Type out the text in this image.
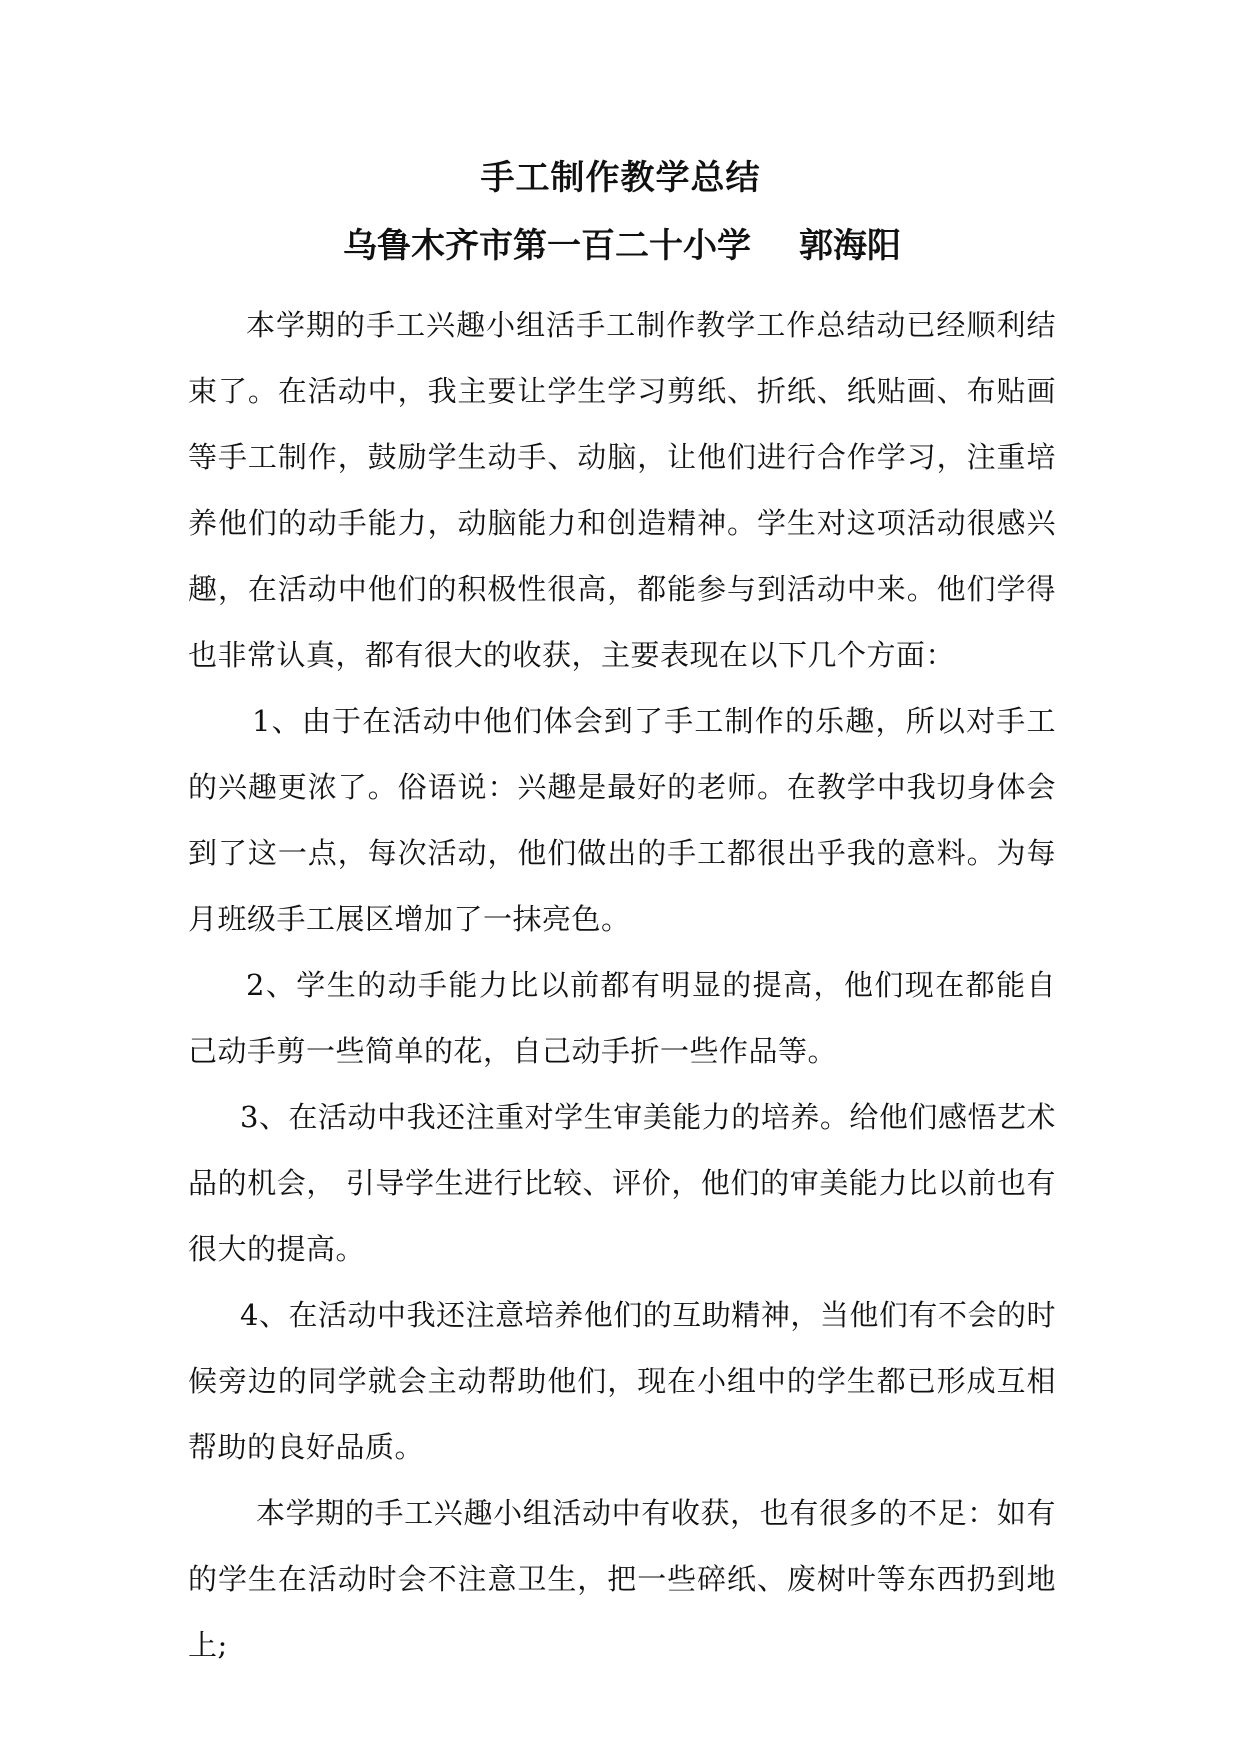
手工制作教学总结
乌鲁木齐市第一百二十小学 郭海阳

本学期的手工兴趣小组活手工制作教学工作总结动已经顺利结束了。在活动中，我主要让学生学习剪纸、折纸、纸贴画、布贴画等手工制作，鼓励学生动手、动脑，让他们进行合作学习，注重培养他们的动手能力，动脑能力和创造精神。学生对这项活动很感兴趣，在活动中他们的积极性很高，都能参与到活动中来。他们学得也非常认真，都有很大的收获，主要表现在以下几个方面：

1、由于在活动中他们体会到了手工制作的乐趣，所以对手工的兴趣更浓了。俗语说：兴趣是最好的老师。在教学中我切身体会到了这一点，每次活动，他们做出的手工都很出乎我的意料。为每月班级手工展区增加了一抹亮色。

2、学生的动手能力比以前都有明显的提高，他们现在都能自己动手剪一些简单的花，自己动手折一些作品等。

3、在活动中我还注重对学生审美能力的培养。给他们感悟艺术品的机会， 引导学生进行比较、评价，他们的审美能力比以前也有很大的提高。

4、在活动中我还注意培养他们的互助精神，当他们有不会的时候旁边的同学就会主动帮助他们，现在小组中的学生都已形成互相帮助的良好品质。

本学期的手工兴趣小组活动中有收获，也有很多的不足：如有的学生在活动时会不注意卫生，把一些碎纸、废树叶等东西扔到地上;
